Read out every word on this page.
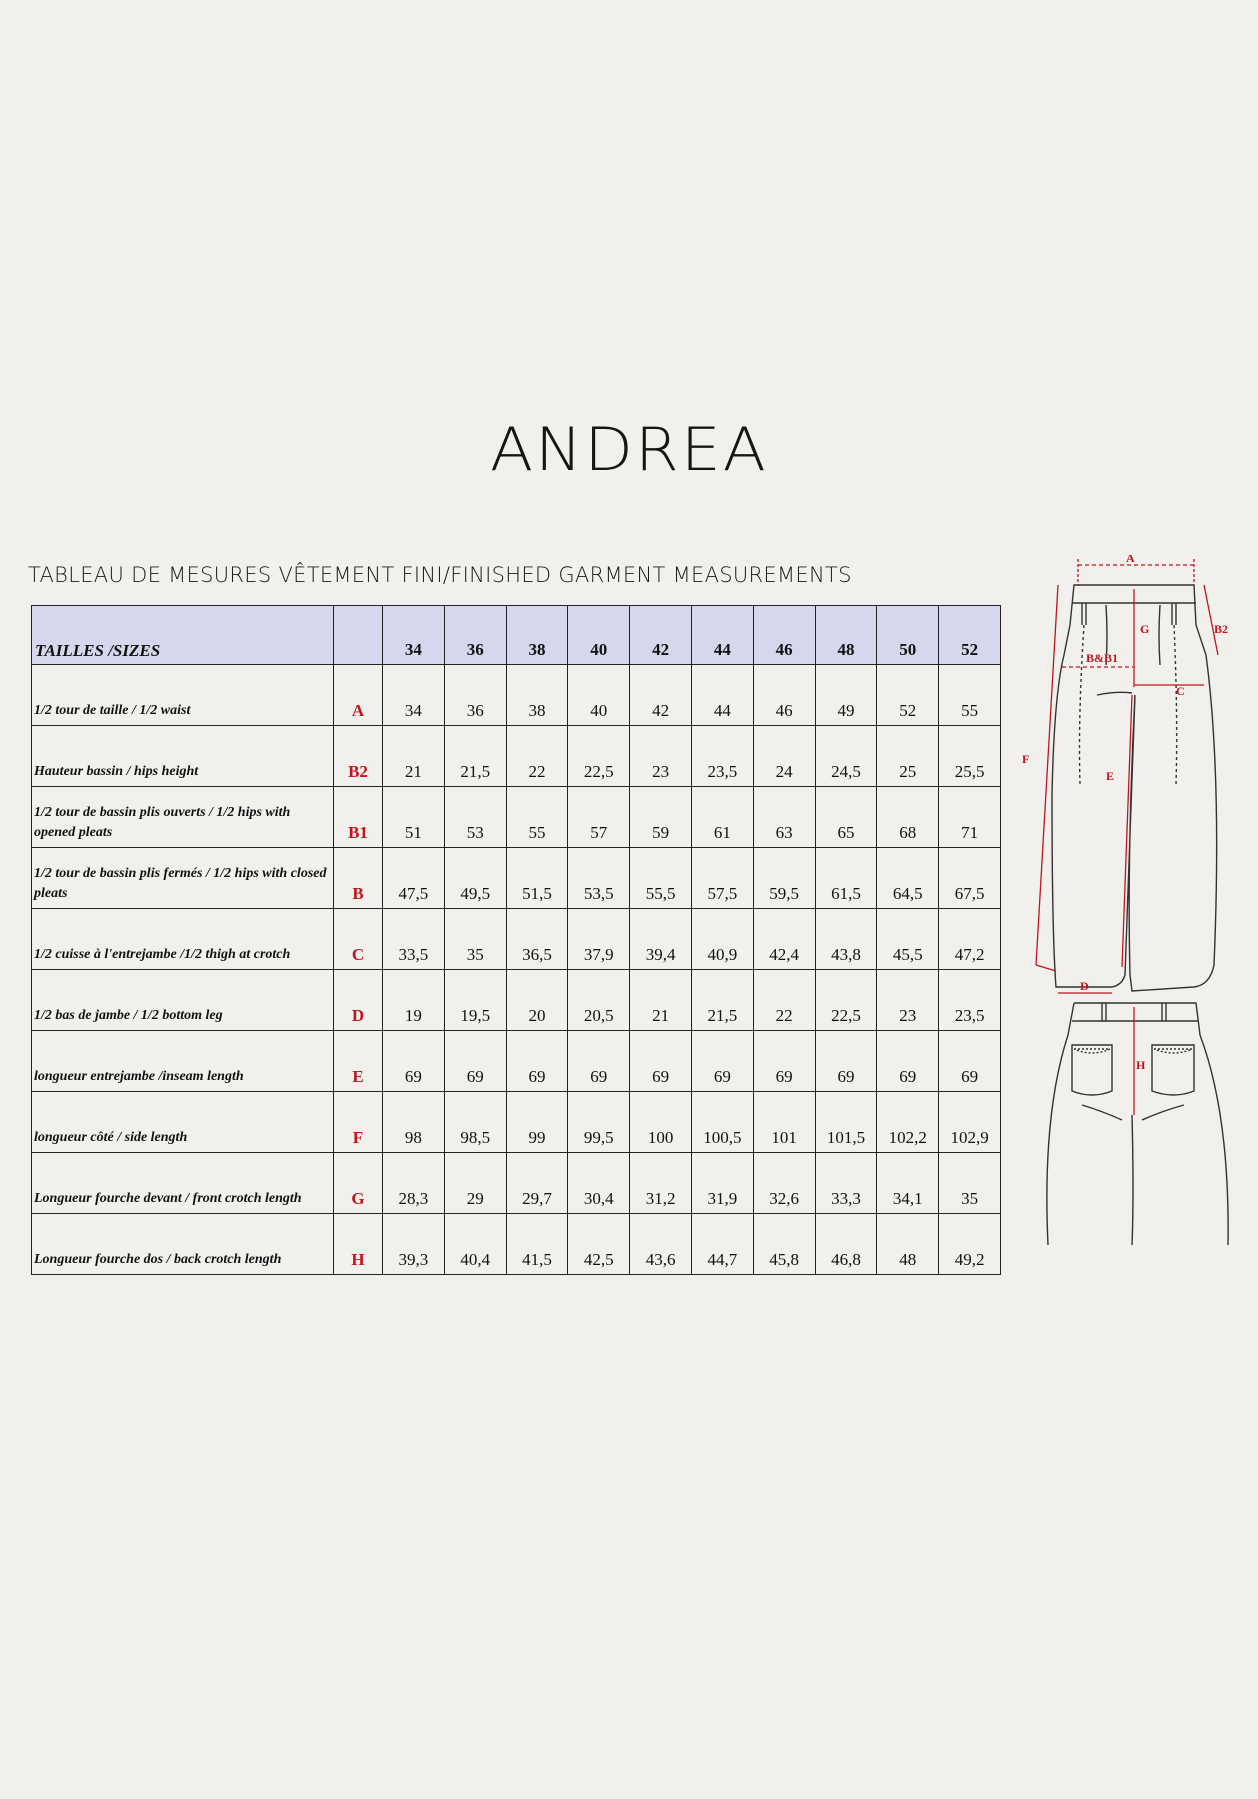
ANDREA
TABLEAU DE MESURES VÊTEMENT FINI/FINISHED GARMENT MEASUREMENTS
TAILLES /SIZES		34	36	38	40	42	44	46	48	50	52
1/2 tour de taille / 1/2 waist	A	34	36	38	40	42	44	46	49	52	55
Hauteur bassin / hips height	B2	21	21,5	22	22,5	23	23,5	24	24,5	25	25,5
1/2 tour de bassin plis ouverts / 1/2 hips with opened pleats	B1	51	53	55	57	59	61	63	65	68	71
1/2 tour de bassin plis fermés / 1/2 hips with closed pleats	B	47,5	49,5	51,5	53,5	55,5	57,5	59,5	61,5	64,5	67,5
1/2 cuisse à l'entrejambe /1/2 thigh at crotch	C	33,5	35	36,5	37,9	39,4	40,9	42,4	43,8	45,5	47,2
1/2 bas de jambe / 1/2 bottom leg	D	19	19,5	20	20,5	21	21,5	22	22,5	23	23,5
longueur entrejambe /inseam length	E	69	69	69	69	69	69	69	69	69	69
longueur côté / side length	F	98	98,5	99	99,5	100	100,5	101	101,5	102,2	102,9
Longueur fourche devant / front crotch length	G	28,3	29	29,7	30,4	31,2	31,9	32,6	33,3	34,1	35
Longueur fourche dos / back crotch length	H	39,3	40,4	41,5	42,5	43,6	44,7	45,8	46,8	48	49,2
A
G	B2
B&B1
C
F
E
D
H
